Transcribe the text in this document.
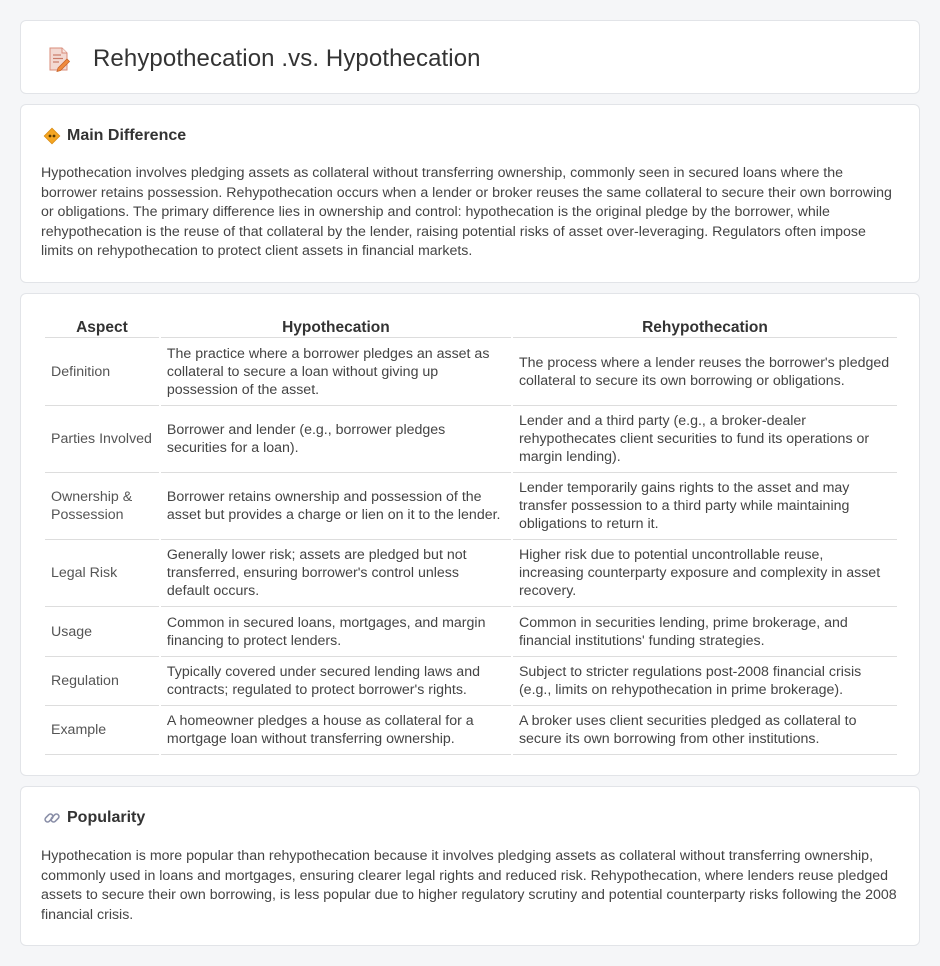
Rehypothecation .vs. Hypothecation
Main Difference

Hypothecation involves pledging assets as collateral without transferring ownership, commonly seen in secured loans where the borrower retains possession. Rehypothecation occurs when a lender or broker reuses the same collateral to secure their own borrowing or obligations. The primary difference lies in ownership and control: hypothecation is the original pledge by the borrower, while rehypothecation is the reuse of that collateral by the lender, raising potential risks of asset over-leveraging. Regulators often impose limits on rehypothecation to protect client assets in financial markets.

Aspect	Hypothecation	Rehypothecation
Definition	The practice where a borrower pledges an asset as collateral to secure a loan without giving up possession of the asset.	The process where a lender reuses the borrower's pledged collateral to secure its own borrowing or obligations.
Parties Involved	Borrower and lender (e.g., borrower pledges securities for a loan).	Lender and a third party (e.g., a broker-dealer rehypothecates client securities to fund its operations or margin lending).
Ownership & Possession	Borrower retains ownership and possession of the asset but provides a charge or lien on it to the lender.	Lender temporarily gains rights to the asset and may transfer possession to a third party while maintaining obligations to return it.
Legal Risk	Generally lower risk; assets are pledged but not transferred, ensuring borrower's control unless default occurs.	Higher risk due to potential uncontrollable reuse, increasing counterparty exposure and complexity in asset recovery.
Usage	Common in secured loans, mortgages, and margin financing to protect lenders.	Common in securities lending, prime brokerage, and financial institutions' funding strategies.
Regulation	Typically covered under secured lending laws and contracts; regulated to protect borrower's rights.	Subject to stricter regulations post-2008 financial crisis (e.g., limits on rehypothecation in prime brokerage).
Example	A homeowner pledges a house as collateral for a mortgage loan without transferring ownership.	A broker uses client securities pledged as collateral to secure its own borrowing from other institutions.
Popularity

Hypothecation is more popular than rehypothecation because it involves pledging assets as collateral without transferring ownership, commonly used in loans and mortgages, ensuring clearer legal rights and reduced risk. Rehypothecation, where lenders reuse pledged assets to secure their own borrowing, is less popular due to higher regulatory scrutiny and potential counterparty risks following the 2008 financial crisis.
